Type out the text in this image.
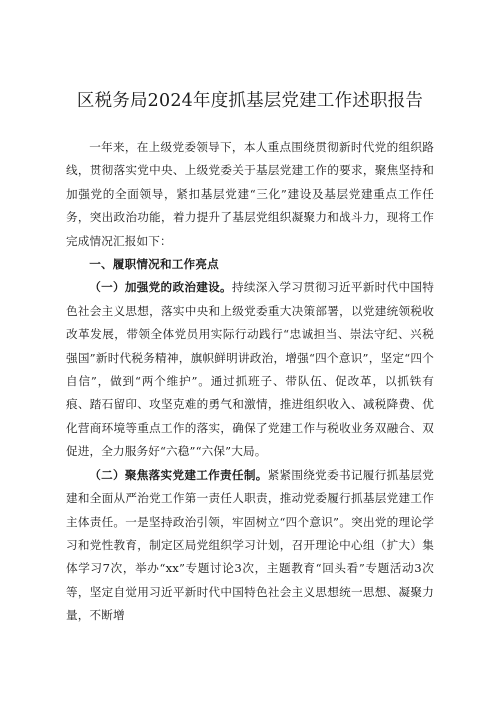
区税务局2024年度抓基层党建工作述职报告

一年来，在上级党委领导下，本人重点围绕贯彻新时代党的组织路线，贯彻落实党中央、上级党委关于基层党建工作的要求，聚焦坚持和加强党的全面领导，紧扣基层党建“三化”建设及基层党建重点工作任务，突出政治功能，着力提升了基层党组织凝聚力和战斗力，现将工作完成情况汇报如下：

一、履职情况和工作亮点

（一）加强党的政治建设。持续深入学习贯彻习近平新时代中国特色社会主义思想，落实中央和上级党委重大决策部署，以党建统领税收改革发展，带领全体党员用实际行动践行“忠诚担当、崇法守纪、兴税强国”新时代税务精神，旗帜鲜明讲政治，增强“四个意识”，坚定“四个自信”，做到“两个维护”。通过抓班子、带队伍、促改革，以抓铁有痕、踏石留印、攻坚克难的勇气和激情，推进组织收入、减税降费、优化营商环境等重点工作的落实，确保了党建工作与税收业务双融合、双促进，全力服务好“六稳”“六保”大局。

（二）聚焦落实党建工作责任制。紧紧围绕党委书记履行抓基层党建和全面从严治党工作第一责任人职责，推动党委履行抓基层党建工作主体责任。一是坚持政治引领，牢固树立“四个意识”。突出党的理论学习和党性教育，制定区局党组织学习计划，召开理论中心组（扩大）集体学习7次，举办“xx”专题讨论3次，主题教育“回头看”专题活动3次等，坚定自觉用习近平新时代中国特色社会主义思想统一思想、凝聚力量，不断增
